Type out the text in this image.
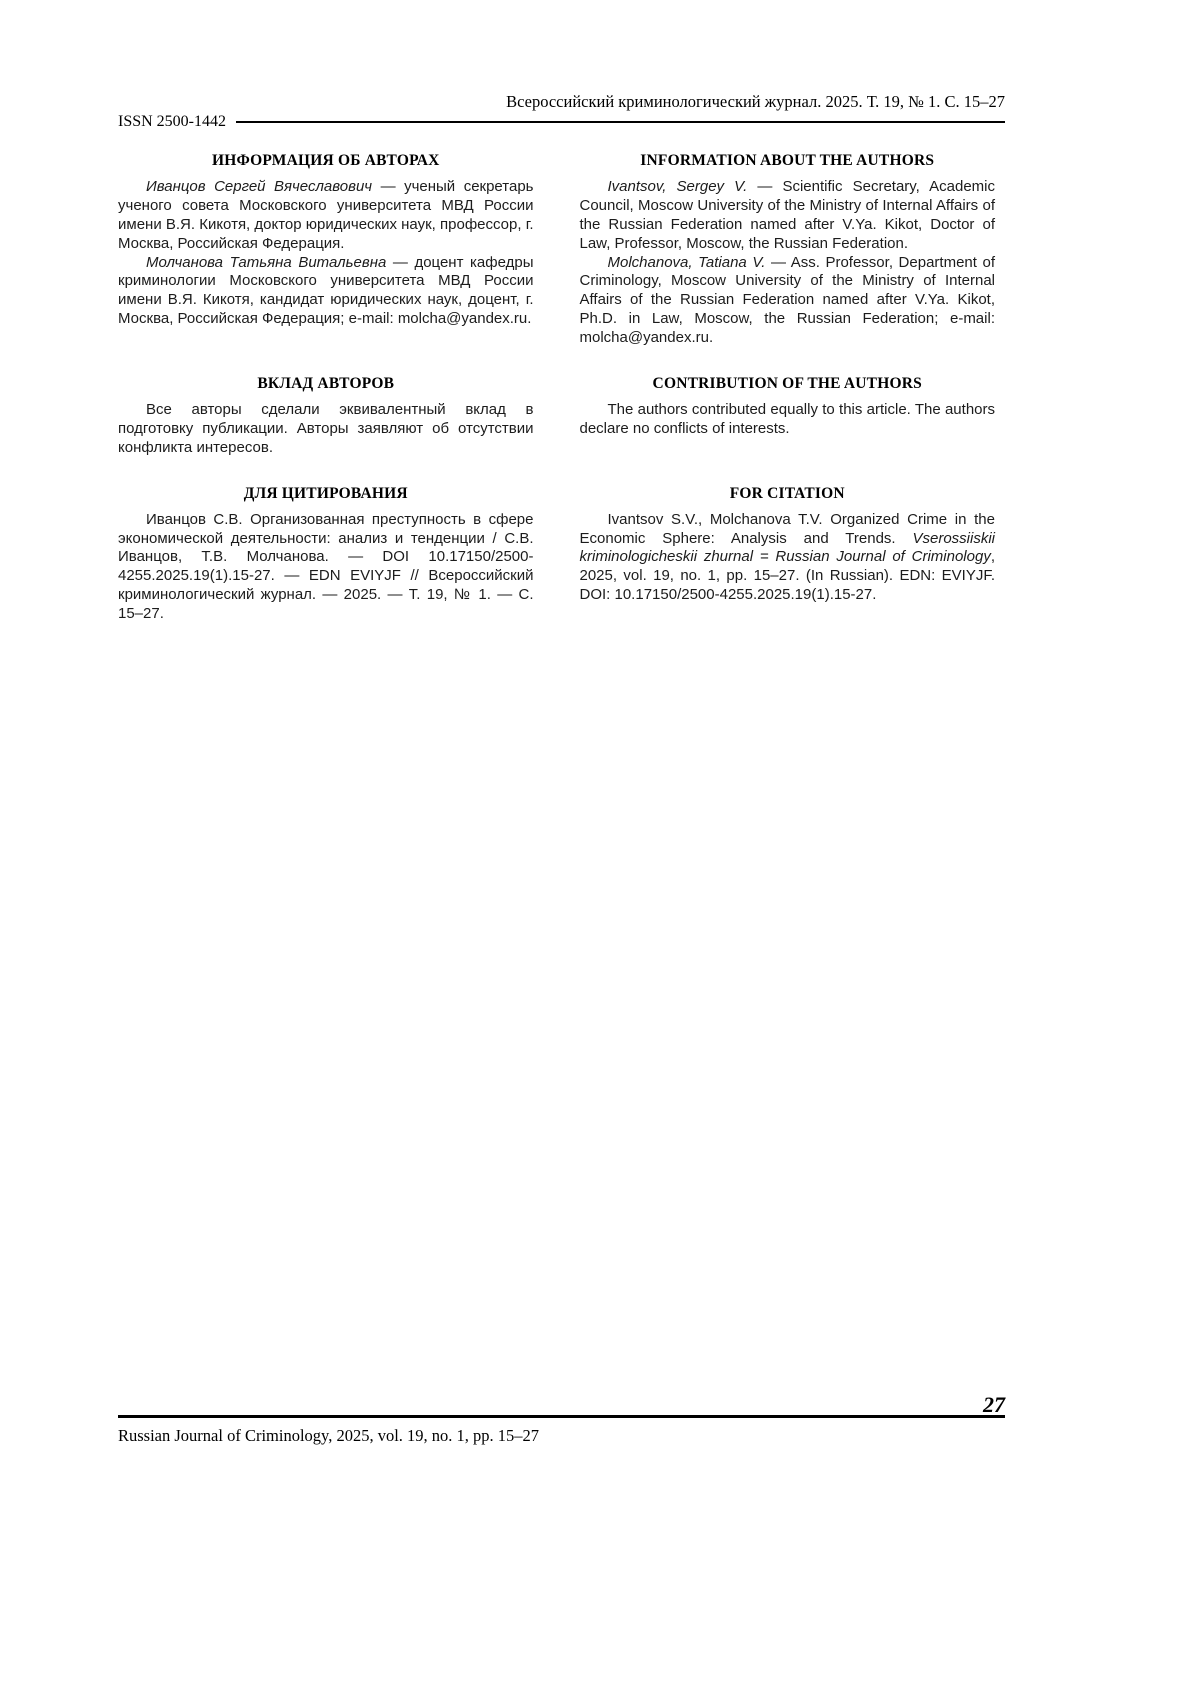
Всероссийский криминологический журнал. 2025. Т. 19, № 1. С. 15–27
ISSN 2500-1442
ИНФОРМАЦИЯ ОБ АВТОРАХ

Иванцов Сергей Вячеславович — ученый секретарь ученого совета Московского университета МВД России имени В.Я. Кикотя, доктор юридических наук, профессор, г. Москва, Российская Федерация.

Молчанова Татьяна Витальевна — доцент кафедры криминологии Московского университета МВД России имени В.Я. Кикотя, кандидат юридических наук, доцент, г. Москва, Российская Федерация; e-mail: molcha@yandex.ru.

INFORMATION ABOUT THE AUTHORS

Ivantsov, Sergey V. — Scientific Secretary, Academic Council, Moscow University of the Ministry of Internal Affairs of the Russian Federation named after V.Ya. Kikot, Doctor of Law, Professor, Moscow, the Russian Federation.

Molchanova, Tatiana V. — Ass. Professor, Department of Criminology, Moscow University of the Ministry of Internal Affairs of the Russian Federation named after V.Ya. Kikot, Ph.D. in Law, Moscow, the Russian Federation; e-mail: molcha@yandex.ru.

ВКЛАД АВТОРОВ

Все авторы сделали эквивалентный вклад в подготовку публикации. Авторы заявляют об отсутствии конфликта интересов.

CONTRIBUTION OF THE AUTHORS

The authors contributed equally to this article. The authors declare no conflicts of interests.

ДЛЯ ЦИТИРОВАНИЯ

Иванцов С.В. Организованная преступность в сфере экономической деятельности: анализ и тенденции / С.В. Иванцов, Т.В. Молчанова. — DOI 10.17150/2500-4255.2025.19(1).15-27. — EDN EVIYJF // Всероссийский криминологический журнал. — 2025. — Т. 19, № 1. — С. 15–27.

FOR CITATION

Ivantsov S.V., Molchanova T.V. Organized Crime in the Economic Sphere: Analysis and Trends. Vserossiiskii kriminologicheskii zhurnal = Russian Journal of Criminology, 2025, vol. 19, no. 1, pp. 15–27. (In Russian). EDN: EVIYJF. DOI: 10.17150/2500-4255.2025.19(1).15-27.

27
Russian Journal of Criminology, 2025, vol. 19, no. 1, pp. 15–27
